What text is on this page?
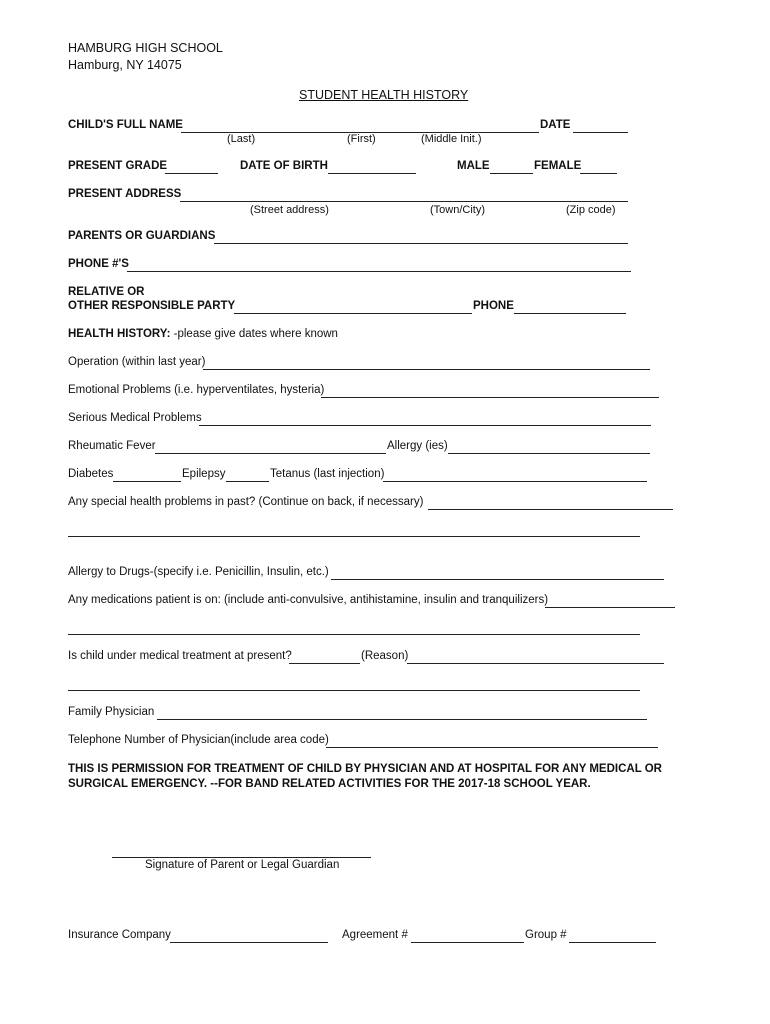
HAMBURG HIGH SCHOOL
Hamburg, NY 14075
STUDENT HEALTH HISTORY
CHILD'S FULL NAME	DATE
(Last)	(First)	(Middle Init.)
PRESENT GRADE	DATE OF BIRTH	MALE	FEMALE
PRESENT ADDRESS
(Street address)	(Town/City)	(Zip code)
PARENTS OR GUARDIANS
PHONE #'S
RELATIVE OR
OTHER RESPONSIBLE PARTY	PHONE
HEALTH HISTORY: -please give dates where known
Operation (within last year)
Emotional Problems (i.e. hyperventilates, hysteria)
Serious Medical Problems
Rheumatic Fever	Allergy (ies)
Diabetes	Epilepsy	Tetanus (last injection)
Any special health problems in past? (Continue on back, if necessary)
Allergy to Drugs-(specify i.e. Penicillin, Insulin, etc.)
Any medications patient is on: (include anti-convulsive, antihistamine, insulin and tranquilizers)
Is child under medical treatment at present?	(Reason)
Family Physician
Telephone Number of Physician(include area code)
THIS IS PERMISSION FOR TREATMENT OF CHILD BY PHYSICIAN AND AT HOSPITAL FOR ANY MEDICAL OR SURGICAL EMERGENCY. --FOR BAND RELATED ACTIVITIES FOR THE 2017-18 SCHOOL YEAR.
Signature of Parent or Legal Guardian
Insurance Company	Agreement #	Group #
